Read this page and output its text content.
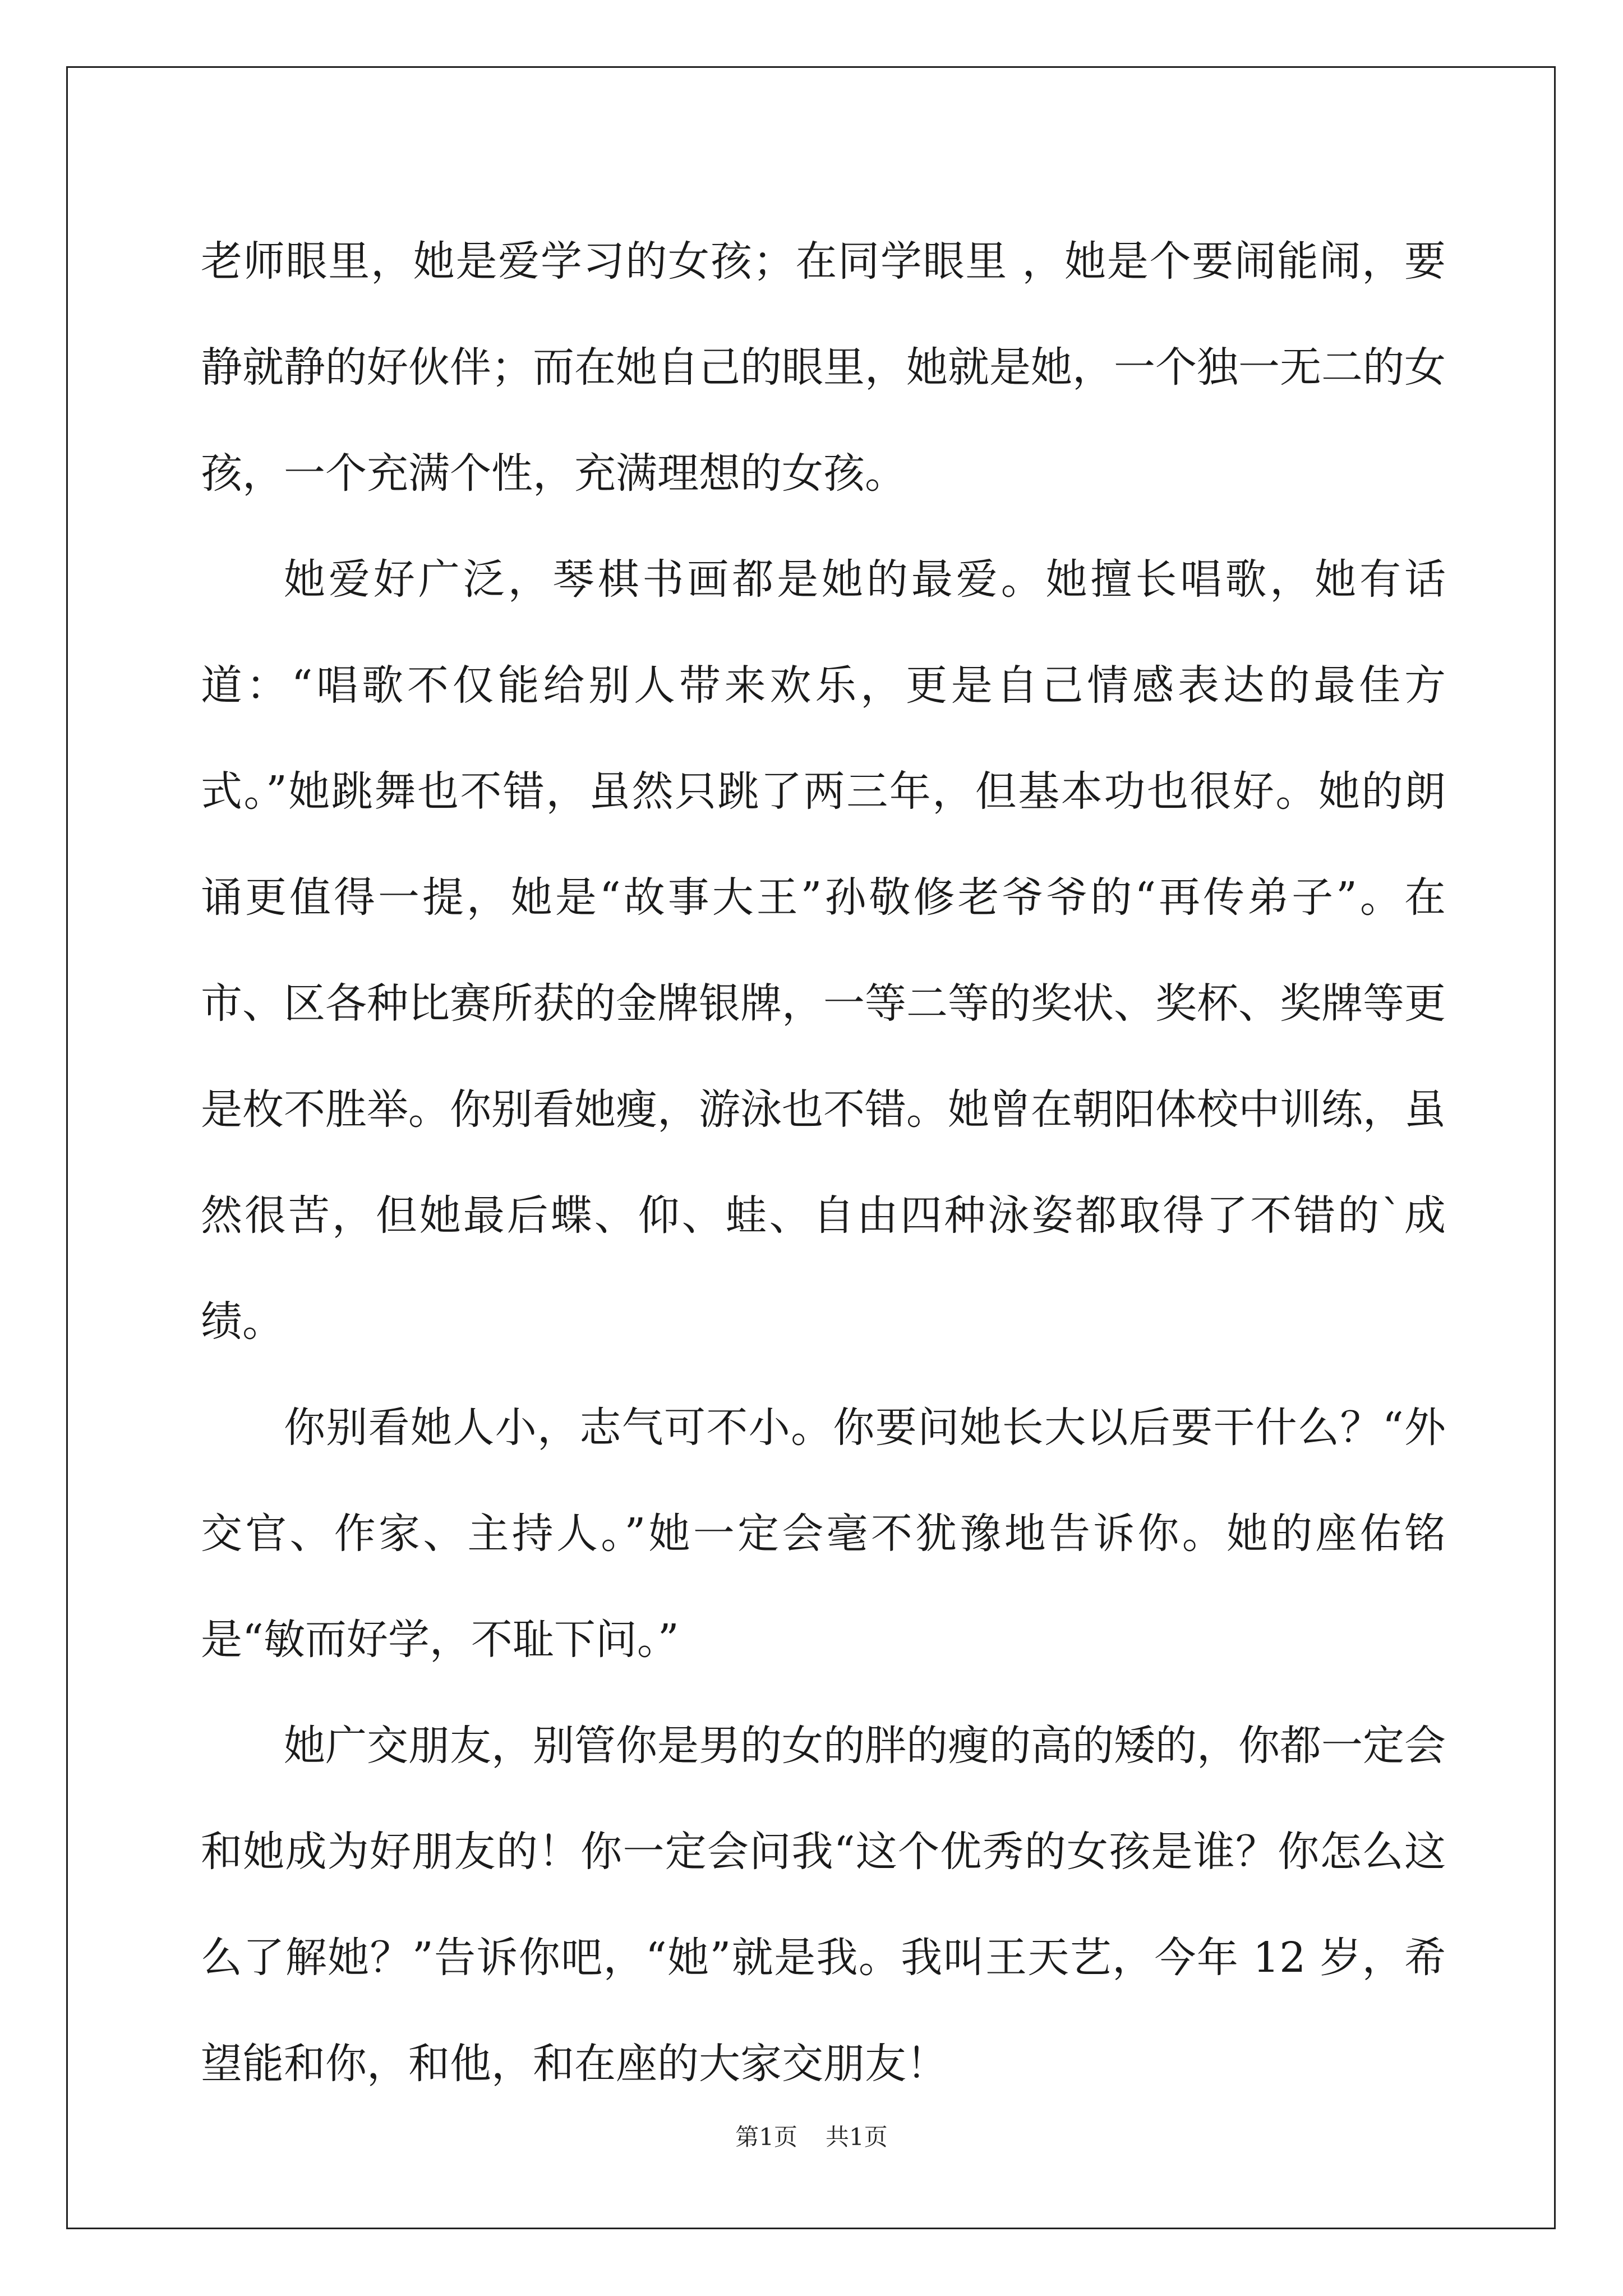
老师眼里，她是爱学习的女孩；在同学眼里 ，她是个要闹能闹，要静就静的好伙伴；而在她自己的眼里，她就是她，一个独一无二的女孩，一个充满个性，充满理想的女孩。

她爱好广泛，琴棋书画都是她的最爱。她擅长唱歌，她有话道：“唱歌不仅能给别人带来欢乐，更是自己情感表达的最佳方式。”她跳舞也不错，虽然只跳了两三年，但基本功也很好。她的朗诵更值得一提，她是“故事大王”孙敬修老爷爷的“再传弟子”。在市、区各种比赛所获的金牌银牌，一等二等的奖状、奖杯、奖牌等更是枚不胜举。你别看她瘦，游泳也不错。她曾在朝阳体校中训练，虽然很苦，但她最后蝶、仰、蛙、自由四种泳姿都取得了不错的`成绩。

你别看她人小，志气可不小。你要问她长大以后要干什么？“外交官、作家、主持人。”她一定会毫不犹豫地告诉你。她的座佑铭是“敏而好学，不耻下问。”

她广交朋友，别管你是男的女的胖的瘦的高的矮的，你都一定会和她成为好朋友的！你一定会问我“这个优秀的女孩是谁？你怎么这么了解她？”告诉你吧，“她”就是我。我叫王天艺，今年 12 岁，希望能和你，和他，和在座的大家交朋友！

第1页 共1页
